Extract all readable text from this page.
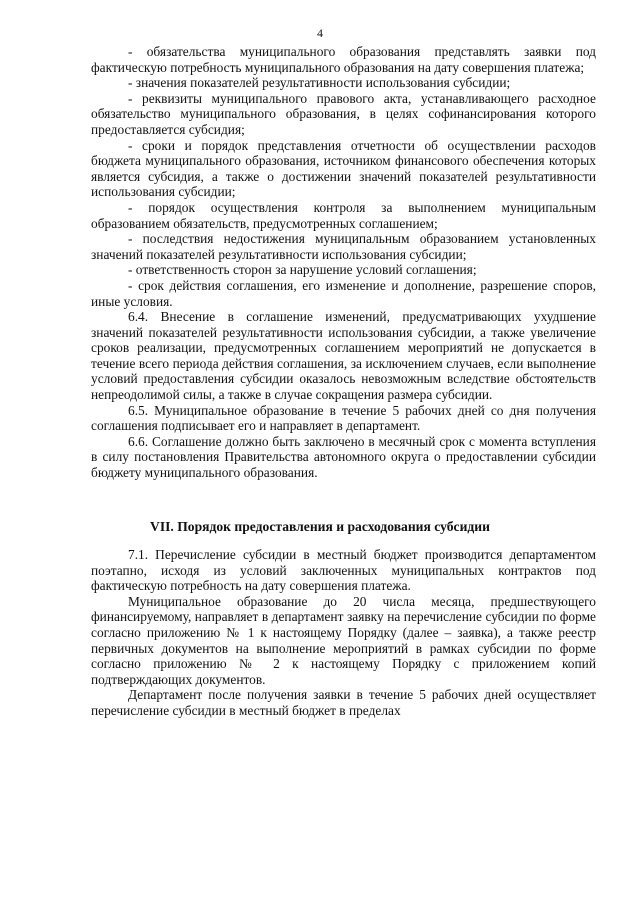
4

- обязательства муниципального образования представлять заявки под фактическую потребность муниципального образования на дату совершения платежа;

- значения показателей результативности использования субсидии;

- реквизиты муниципального правового акта, устанавливающего расходное обязательство муниципального образования, в целях софинансирования которого предоставляется субсидия;

- сроки и порядок представления отчетности об осуществлении расходов бюджета муниципального образования, источником финансового обеспечения которых является субсидия, а также о достижении значений показателей результативности использования субсидии;

- порядок осуществления контроля за выполнением муниципальным образованием обязательств, предусмотренных соглашением;

- последствия недостижения муниципальным образованием установленных значений показателей результативности использования субсидии;

- ответственность сторон за нарушение условий соглашения;

- срок действия соглашения, его изменение и дополнение, разрешение споров, иные условия.

6.4. Внесение в соглашение изменений, предусматривающих ухудшение значений показателей результативности использования субсидии, а также увеличение сроков реализации, предусмотренных соглашением мероприятий не допускается в течение всего периода действия соглашения, за исключением случаев, если выполнение условий предоставления субсидии оказалось невозможным вследствие обстоятельств непреодолимой силы, а также в случае сокращения размера субсидии.

6.5. Муниципальное образование в течение 5 рабочих дней со дня получения соглашения подписывает его и направляет в департамент.

6.6. Соглашение должно быть заключено в месячный срок с момента вступления в силу постановления Правительства автономного округа о предоставлении субсидии бюджету муниципального образования.

VII. Порядок предоставления и расходования субсидии

7.1. Перечисление субсидии в местный бюджет производится департаментом поэтапно, исходя из условий заключенных муниципальных контрактов под фактическую потребность на дату совершения платежа.

Муниципальное образование до 20 числа месяца, предшествующего финансируемому, направляет в департамент заявку на перечисление субсидии по форме согласно приложению № 1 к настоящему Порядку (далее – заявка), а также реестр первичных документов на выполнение мероприятий в рамках субсидии по форме согласно приложению № 2 к настоящему Порядку с приложением копий подтверждающих документов.

Департамент после получения заявки в течение 5 рабочих дней осуществляет перечисление субсидии в местный бюджет в пределах
